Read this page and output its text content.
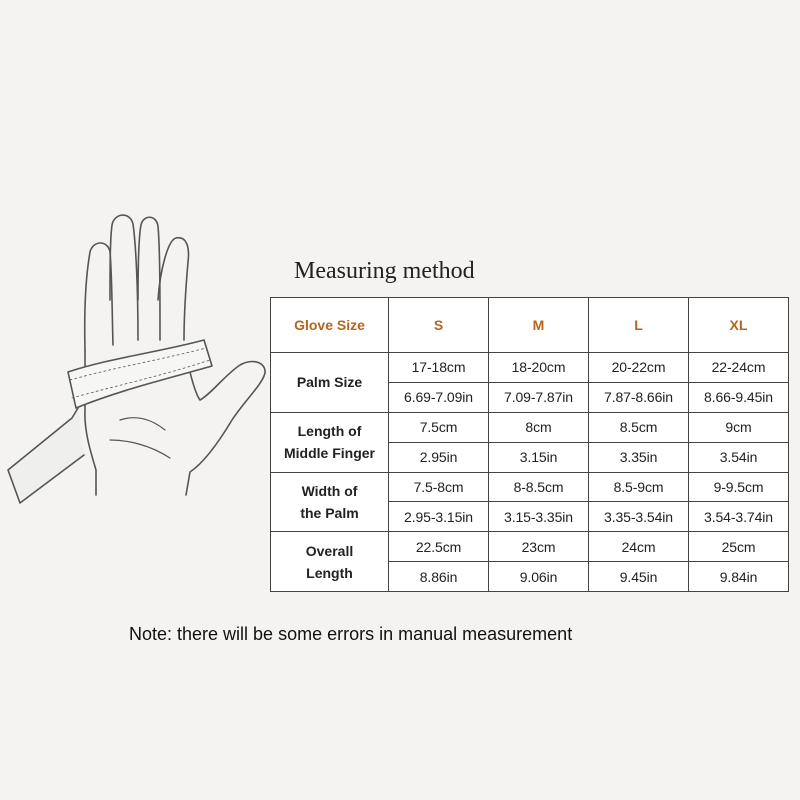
Measuring method
Glove Size	S	M	L	XL

Palm Size	17-18cm	18-20cm	20-22cm	22-24cm
	6.69-7.09in	7.09-7.87in	7.87-8.66in	8.66-9.45in

Length of
Middle Finger	7.5cm	8cm	8.5cm	9cm
	2.95in	3.15in	3.35in	3.54in

Width of
the Palm	7.5-8cm	8-8.5cm	8.5-9cm	9-9.5cm
	2.95-3.15in	3.15-3.35in	3.35-3.54in	3.54-3.74in

Overall
Length	22.5cm	23cm	24cm	25cm
	8.86in	9.06in	9.45in	9.84in
Note: there will be some errors in manual measurement
